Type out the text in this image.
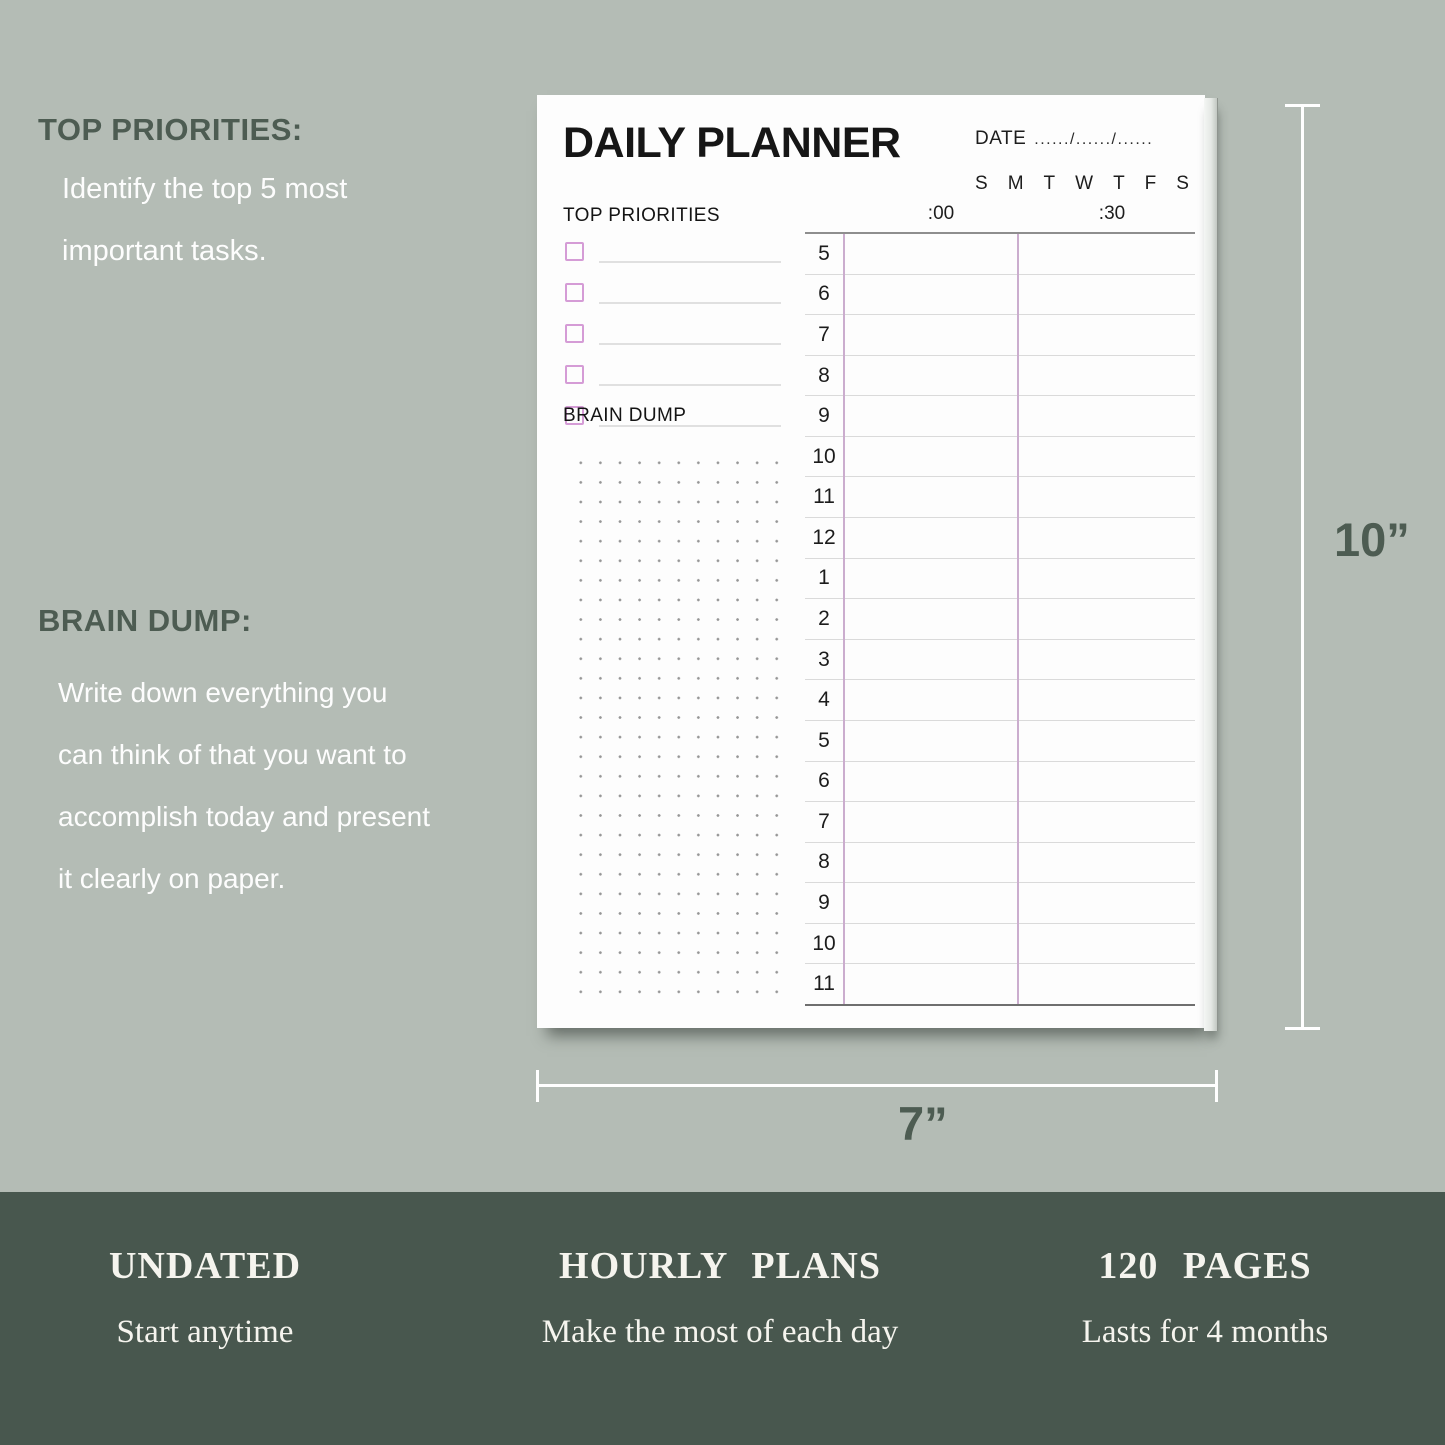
TOP PRIORITIES:
Identify the top 5 most
important tasks.
BRAIN DUMP:
Write down everything you
can think of that you want to
accomplish today and present
it clearly on paper.
DAILY PLANNER	DATE ....../....../......
S M T W T F S
TOP PRIORITIES	:00	:30
BRAIN DUMP
5
6
7
8
9
10
11
12
1
2
3
4
5
6
7
8
9
10
11
10”
7”
UNDATED
Start anytime
HOURLY PLANS
Make the most of each day
120 PAGES
Lasts for 4 months
